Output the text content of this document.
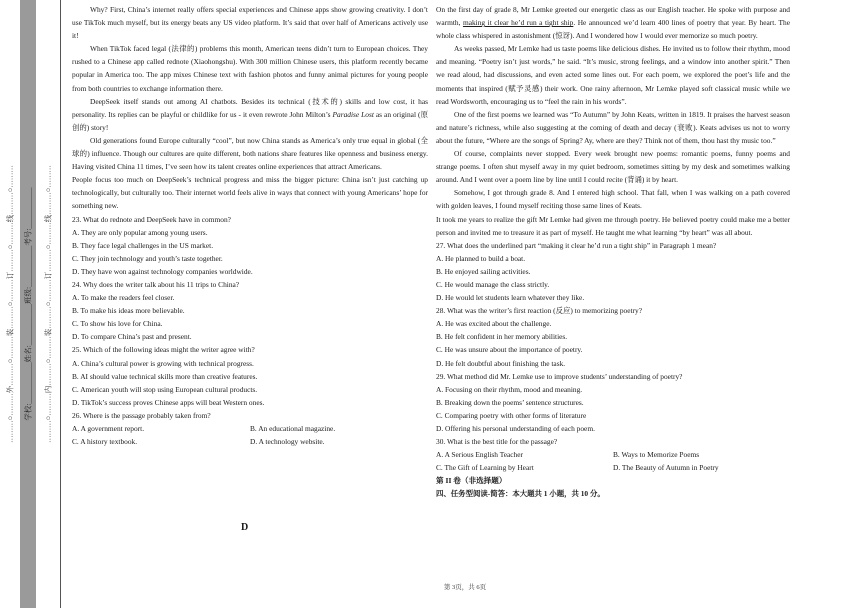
………○………外………○………装………○………订………○………线………○……… 学校:___________姓名:___________班级:___________考号:___________ ………○………内………○………装………○………订………○………线………○………

Why? First, China’s internet really offers special experiences and Chinese apps show growing creativity. I don’t use TikTok much myself, but its energy beats any US video platform. It’s said that over half of Americans actively use it!

When TikTok faced legal (法律的) problems this month, American teens didn’t turn to European choices. They rushed to a Chinese app called rednote (Xiaohongshu). With 300 million Chinese users, this platform recently became popular in America too. The app mixes Chinese text with fashion photos and funny animal pictures for young people from both countries to exchange information there.

DeepSeek itself stands out among AI chatbots. Besides its technical (技术的) skills and low cost, it has personality. Its replies can be playful or childlike for us - it even rewrote John Milton’s Paradise Lost as an original (原创的) story!

Old generations found Europe culturally “cool”, but now China stands as America’s only true equal in global (全球的) influence. Though our cultures are quite different, both nations share features like openness and business energy. Having visited China 11 times, I’ve seen how its talent creates online experiences that attract Americans.

People focus too much on DeepSeek’s technical progress and miss the bigger picture: China isn’t just catching up technologically, but culturally too. Their internet world feels alive in ways that connect with young Americans’ hope for something new.

23. What do rednote and DeepSeek have in common?

A. They are only popular among young users.
B. They face legal challenges in the US market.
C. They join technology and youth’s taste together.
D. They have won against technology companies worldwide.

24. Why does the writer talk about his 11 trips to China?

A. To make the readers feel closer.
B. To make his ideas more believable.
C. To show his love for China.
D. To compare China’s past and present.

25. Which of the following ideas might the writer agree with?

A. China’s cultural power is growing with technical progress.
B. AI should value technical skills more than creative features.
C. American youth will stop using European cultural products.
D. TikTok’s success proves Chinese apps will beat Western ones.

26. Where is the passage probably taken from?

A. A government report.	B. An educational magazine.
C. A history textbook.	D. A technology website.
D

On the first day of grade 8, Mr Lemke greeted our energetic class as our English teacher. He spoke with purpose and warmth, making it clear he’d run a tight ship. He announced we’d learn 400 lines of poetry that year. By heart. The whole class whispered in astonishment (惊讶). And I wondered how I would ever memorize so much poetry.

As weeks passed, Mr Lemke had us taste poems like delicious dishes. He invited us to follow their rhythm, mood and meaning. “Poetry isn’t just words,” he said. “It’s music, strong feelings, and a window into another spirit.” Then we read aloud, had discussions, and even acted some lines out. For each poem, we explored the poet’s life and the moments that inspired (赋予灵感) their work. One rainy afternoon, Mr Lemke played soft classical music while we read Wordsworth, encouraging us to “feel the rain in his words”.

One of the first poems we learned was “To Autumn” by John Keats, written in 1819. It praises the harvest season and nature’s richness, while also suggesting at the coming of death and decay (衰败). Keats advises us not to worry about the future, “Where are the songs of Spring? Ay, where are they? Think not of them, thou hast thy music too.”

Of course, complaints never stopped. Every week brought new poems: romantic poems, funny poems and strange poems. I often shut myself away in my quiet bedroom, sometimes sitting by my desk and sometimes walking around. And I went over a poem line by line until I could recite (背诵) it by heart.

Somehow, I got through grade 8. And I entered high school. That fall, when I was walking on a path covered with golden leaves, I found myself reciting those same lines of Keats.

It took me years to realize the gift Mr Lemke had given me through poetry. He believed poetry could make me a better person and invited me to treasure it as part of myself. He taught me what learning “by heart” was all about.

27. What does the underlined part “making it clear he’d run a tight ship” in Paragraph 1 mean?

A. He planned to build a boat.
B. He enjoyed sailing activities.
C. He would manage the class strictly.
D. He would let students learn whatever they like.

28. What was the writer’s first reaction (反应) to memorizing poetry?

A. He was excited about the challenge.
B. He felt confident in her memory abilities.
C. He was unsure about the importance of poetry.
D. He felt doubtful about finishing the task.

29. What method did Mr. Lemke use to improve students’ understanding of poetry?

A. Focusing on their rhythm, mood and meaning.
B. Breaking down the poems’ sentence structures.
C. Comparing poetry with other forms of literature
D. Offering his personal understanding of each poem.

30. What is the best title for the passage?

A. A Serious English Teacher	B. Ways to Memorize Poems
C. The Gift of Learning by Heart	D. The Beauty of Autumn in Poetry

第 II 卷（非选择题）

四、任务型阅读-简答：本大题共 1 小题，共 10 分。

第 3页，共 6页
